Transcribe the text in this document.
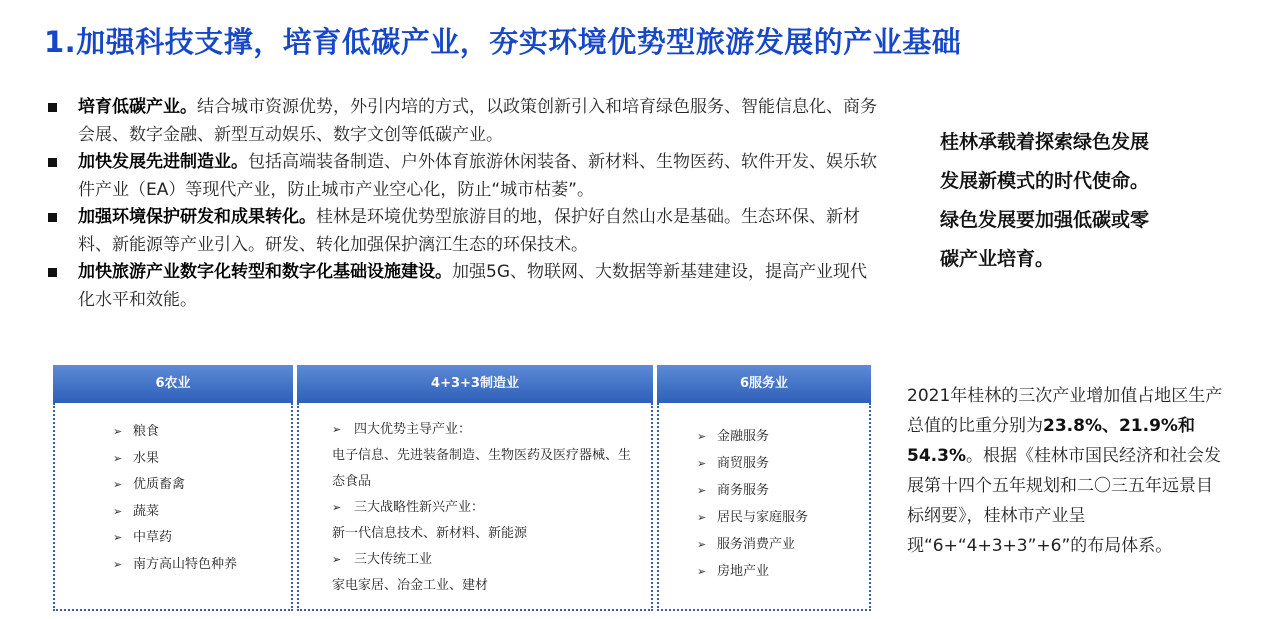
1.加强科技支撑，培育低碳产业，夯实环境优势型旅游发展的产业基础
培育低碳产业。结合城市资源优势，外引内培的方式，以政策创新引入和培育绿色服务、智能信息化、商务会展、数字金融、新型互动娱乐、数字文创等低碳产业。
加快发展先进制造业。包括高端装备制造、户外体育旅游休闲装备、新材料、生物医药、软件开发、娱乐软件产业（EA）等现代产业，防止城市产业空心化，防止“城市枯萎”。
加强环境保护研发和成果转化。桂林是环境优势型旅游目的地，保护好自然山水是基础。生态环保、新材料、新能源等产业引入。研发、转化加强保护漓江生态的环保技术。
加快旅游产业数字化转型和数字化基础设施建设。加强5G、物联网、大数据等新基建建设，提高产业现代化水平和效能。
桂林承载着探索绿色发展
发展新模式的时代使命。
绿色发展要加强低碳或零
碳产业培育。
6农业
➢ 粮食
➢ 水果
➢ 优质畜禽
➢ 蔬菜
➢ 中草药
➢ 南方高山特色种养
4+3+3制造业
➢ 四大优势主导产业：
电子信息、先进装备制造、生物医药及医疗器械、生态食品
➢ 三大战略性新兴产业：
新一代信息技术、新材料、新能源
➢ 三大传统工业
家电家居、冶金工业、建材
6服务业
➢ 金融服务
➢ 商贸服务
➢ 商务服务
➢ 居民与家庭服务
➢ 服务消费产业
➢ 房地产业
2021年桂林的三次产业增加值占地区生产总值的比重分别为23.8%、21.9%和54.3%。根据《桂林市国民经济和社会发展第十四个五年规划和二〇三五年远景目标纲要》，桂林市产业呈现“6+“4+3+3”+6”的布局体系。
